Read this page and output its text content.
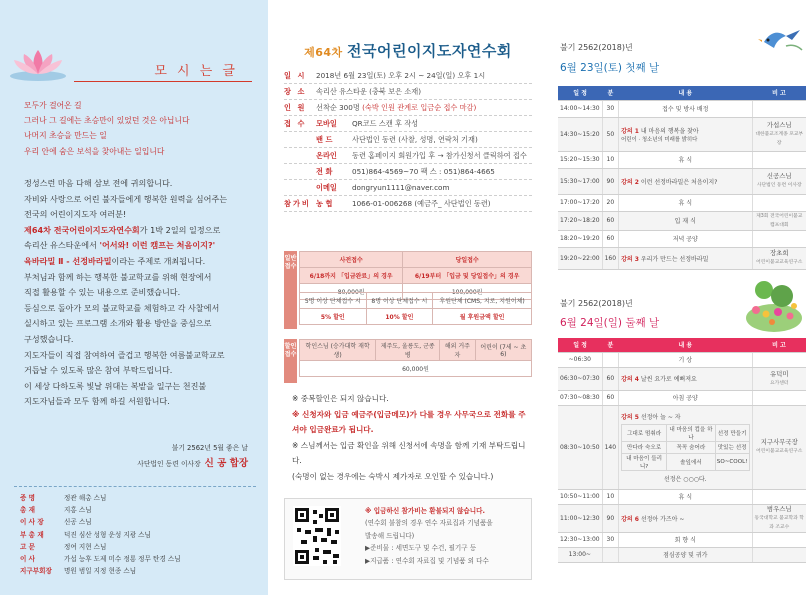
모 시 는 글
모두가 걸어온 길
그러나 그 길에는 초승만이 있었던 것은 아닙니다
나머지 초승을 만드는 일
우리 안에 숨은 보석을 찾아내는 일입니다
정성스런 마음 다해 삼보 전에 귀의합니다.
자비와 사랑으로 어린 불자들에게 행복한 원력을 심어주는
전국의 어린이지도자 여러분!
제64차 전국어린이지도자연수회가 1박 2일의 일정으로
속리산 유스타운에서 '어서와! 이런 캠프는 처음이지?'
육바라밀 Ⅱ - 선정바라밀이라는 주제로 개최됩니다.
부처님과 함께 하는 행복한 불교학교를 위해 현장에서
직접 활용할 수 있는 내용으로 준비했습니다.
등심으로 돌아가 모의 불교학교를 체험하고 각 사찰에서
실시하고 있는 프로그램 소개와 활용 방안을 중심으로
구성했습니다.
지도자들이 직접 참여하여 즐겁고 행복한 여름불교학교로
거듭날 수 있도록 많은 참여 부탁드립니다.
이 세상 다하도록 빛날 위대는 복밭을 일구는 천진불
지도자님들과 모두 함께 하길 서원합니다.
불기 2562년 5월 좋은 날
사단법인 동련 이사장 신 공 합장
증 명	정관 해총 스님
총 재	지홍 스님
이 사 장	신공 스님
부 총 재	덕진 심산 성형 운성 지광 스님
고 문	정여 지현 스님
이 사	가섭 능후 도제 미수 정룡 정무 탄경 스님
지구부회장 명원 범일 지정 현종 스님
제64차 전국어린이지도자연수회
일 시	2018년 6월 23일(토) 오후 2시 ~ 24일(일) 오후 1시
장 소	속리산 유스타운 (충북 보은 소재)
인 원	선착순 300명 (숙박 인원 관계로 입금순 접수 마감)
접 수	모바일 QR코드 스캔 후 작성
밴 드	사단법인 동련 (사찰, 성명, 연락처 기재)
온라인 동련 홈페이지 회원가입 후 → 참가신청서 클릭하여 접수
전 화	051)864-4569~70 팩 스 : 051)864-4665
이메일 dongryun1111@naver.com
참가비 농 협	1066-01-006268 (예금주_ 사단법인 동련)
일반접수
사전접수	당일접수
6/18까지 「입금완료」의 경우	6/19부터 「입금 및 당일접수」의 경우
80,000원	100,000원
5명 이상 단체접수 시	8명 이상 단체접수 시	후원단체 (CMS, 지로, 지원이체)
5% 할인	10% 할인	월 후원금액 할인
할인접수
학인스님 (승가대학 재학생)	제주도, 울릉도, 군종병	해외 거주자	어린이 (7세 ~ 초6)
60,000원

※ 중복할인은 되지 않습니다.

※ 신청자와 입금 예금주(입금메모)가 다를 경우 사무국으로 전화를 주셔야 입금완료가 됩니다.

※ 스님께서는 입금 확인을 위해 신청서에 속명을 함께 기재 부탁드립니다.

(숙명이 없는 경우에는 숙박시 제가자로 오인할 수 있습니다.)

※ 입금하신 참가비는 환불되지 않습니다.
(연수회 불참의 경우 연수 자료집과 기념품을
발송해 드립니다)
▶준비물 : 세면도구 및 수건, 필기구 등
▶지급품 : 연수회 자료집 및 기념품 외 다수
불기 2562(2018)년
6월 23일(토) 첫째 날
일 정	분	내 용	비 고
14:00~14:30	30	접수 및 방사 배정	
14:30~15:20	50	강의 1 내 마음의 행복을 찾아
어린이 · 청소년의 미래를 밝히다	가섭스님
대한불교조계종 포교부장

15:20~15:30	10	휴 식	
15:30~17:00	90	강의 2 이런 선정바라밀은 처음이지?	신공스님
사단법인 동련 이사장

17:00~17:20	20	휴 식	
17:20~18:20	60	입 재 식	제3회 전국어린이불교캠프대회

18:20~19:20	60	저녁 공양	
19:20~22:00	160	강의 3 우리가 만드는 선정바라밀	장초희
어린이불교교육연구소
불기 2562(2018)년
6월 24일(일) 둘째 날
일 정	분	내 용	비 고
~06:30		기 상	
06:30~07:30	60	강의 4 날씬 요가로 예뻐져요	
유덕미
요가센터

07:30~08:30	60	아침 공양	
08:30~10:50	140	강의 5 선정아 놀 ~ 자
그대로 멈춰라	내 마음의 컵을 하나	선정 만들기
만다라 숙오로	꼭꼭 숨어라	맛있는 선정
내 마음이 들리니?	솔잎에서	SO~COOL!
선정은 ○○○다.

지구사무국장
어린이불교교육연구소

10:50~11:00	10	휴 식	
11:00~12:30	90	강의 6 선정아 가즈아 ~	
범우스님
동국대학교 불교학과 학과 조교수

12:30~13:00	30	회 향 식	
13:00~		점심공양 및 귀가	
